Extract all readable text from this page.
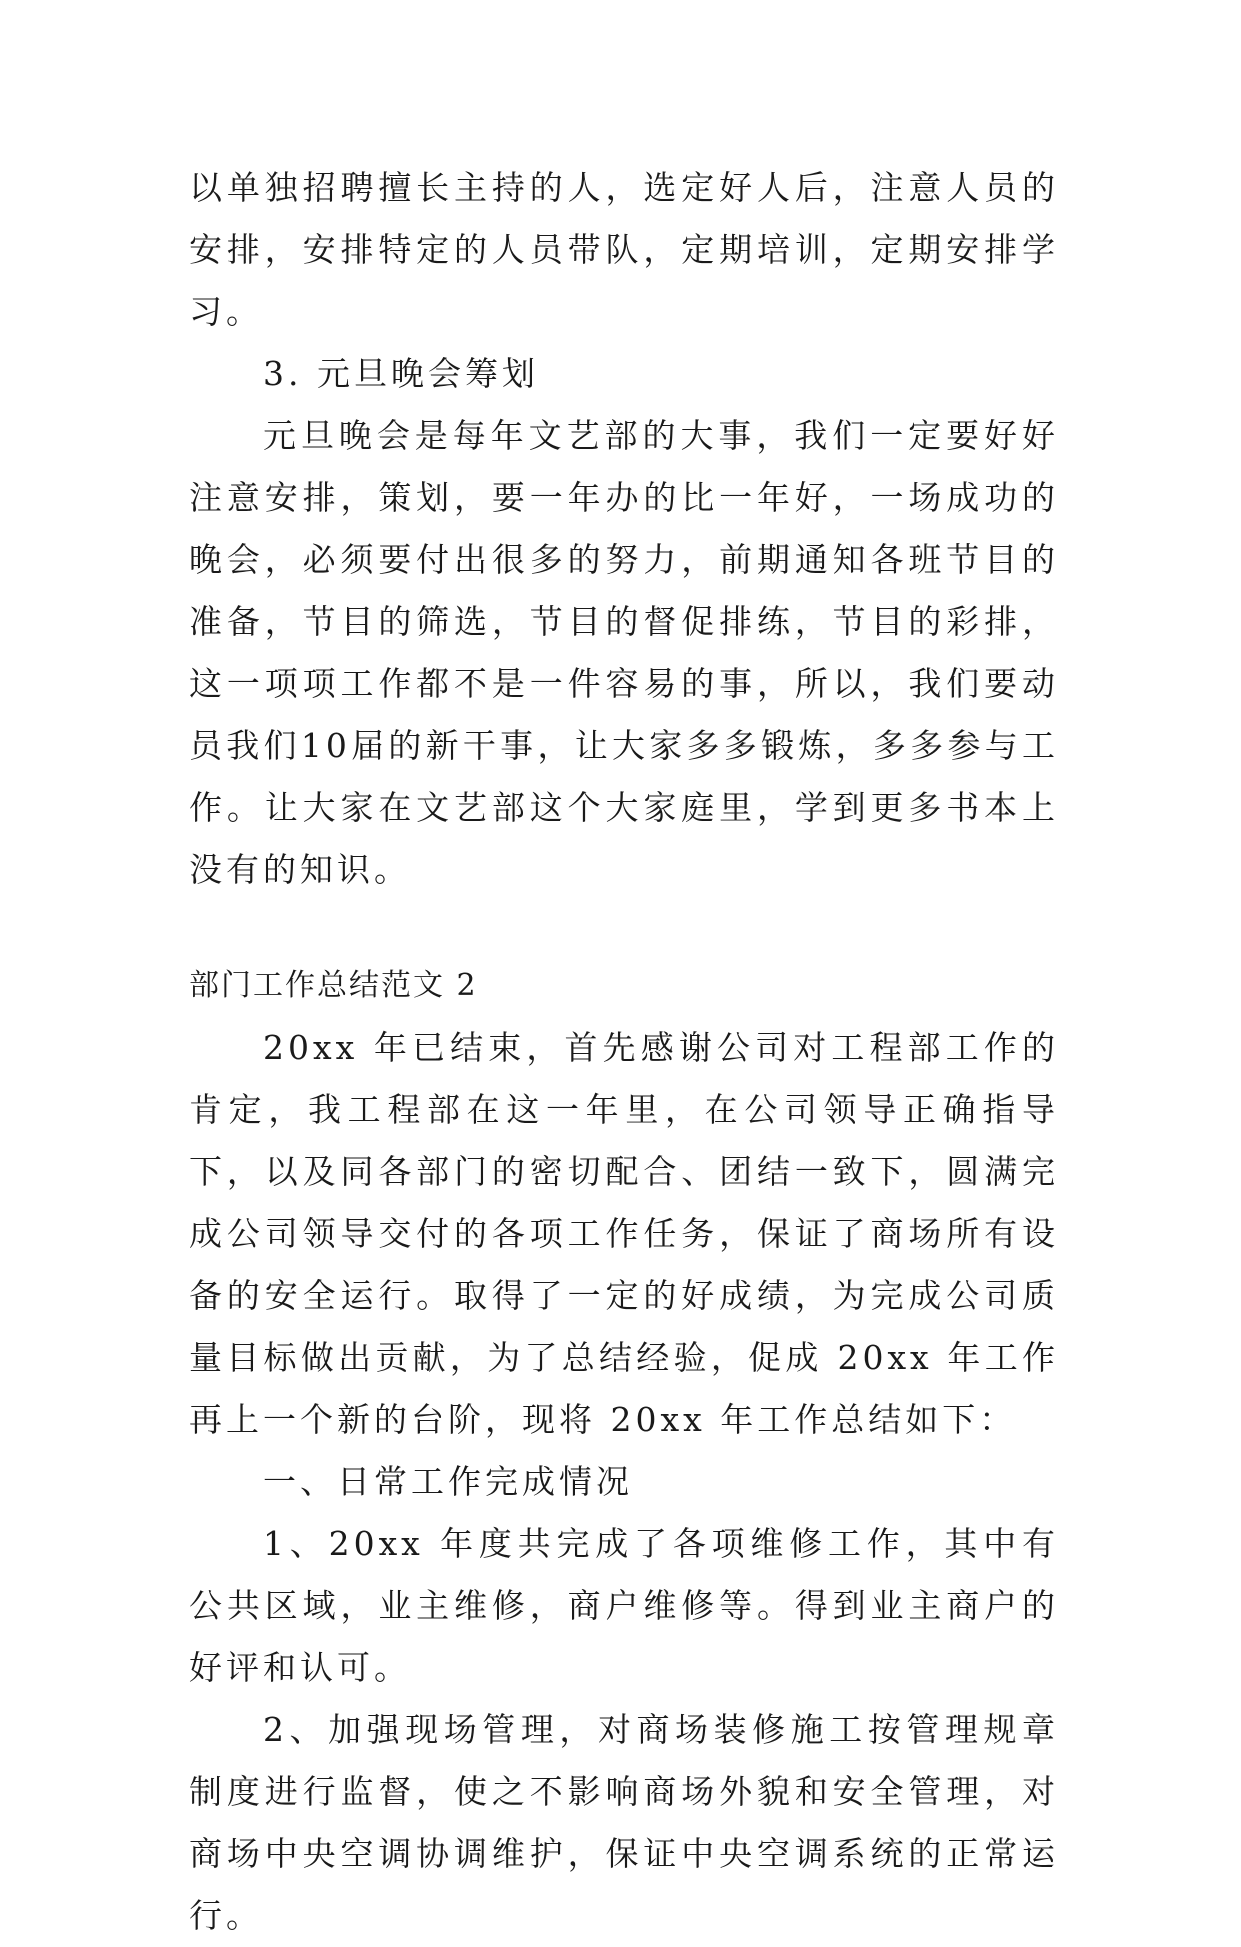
以单独招聘擅长主持的人，选定好人后，注意人员的安排，安排特定的人员带队，定期培训，定期安排学习。

3. 元旦晚会筹划

元旦晚会是每年文艺部的大事，我们一定要好好注意安排，策划，要一年办的比一年好，一场成功的晚会，必须要付出很多的努力，前期通知各班节目的准备，节目的筛选，节目的督促排练，节目的彩排，这一项项工作都不是一件容易的事，所以，我们要动员我们10届的新干事，让大家多多锻炼，多多参与工作。让大家在文艺部这个大家庭里，学到更多书本上没有的知识。

部门工作总结范文 2

20xx 年已结束，首先感谢公司对工程部工作的肯定，我工程部在这一年里，在公司领导正确指导下，以及同各部门的密切配合、团结一致下，圆满完成公司领导交付的各项工作任务，保证了商场所有设备的安全运行。取得了一定的好成绩，为完成公司质量目标做出贡献，为了总结经验，促成 20xx 年工作再上一个新的台阶，现将 20xx 年工作总结如下：

一、日常工作完成情况

1、20xx 年度共完成了各项维修工作，其中有公共区域，业主维修，商户维修等。得到业主商户的好评和认可。

2、加强现场管理，对商场装修施工按管理规章制度进行监督，使之不影响商场外貌和安全管理，对商场中央空调协调维护，保证中央空调系统的正常运行。
